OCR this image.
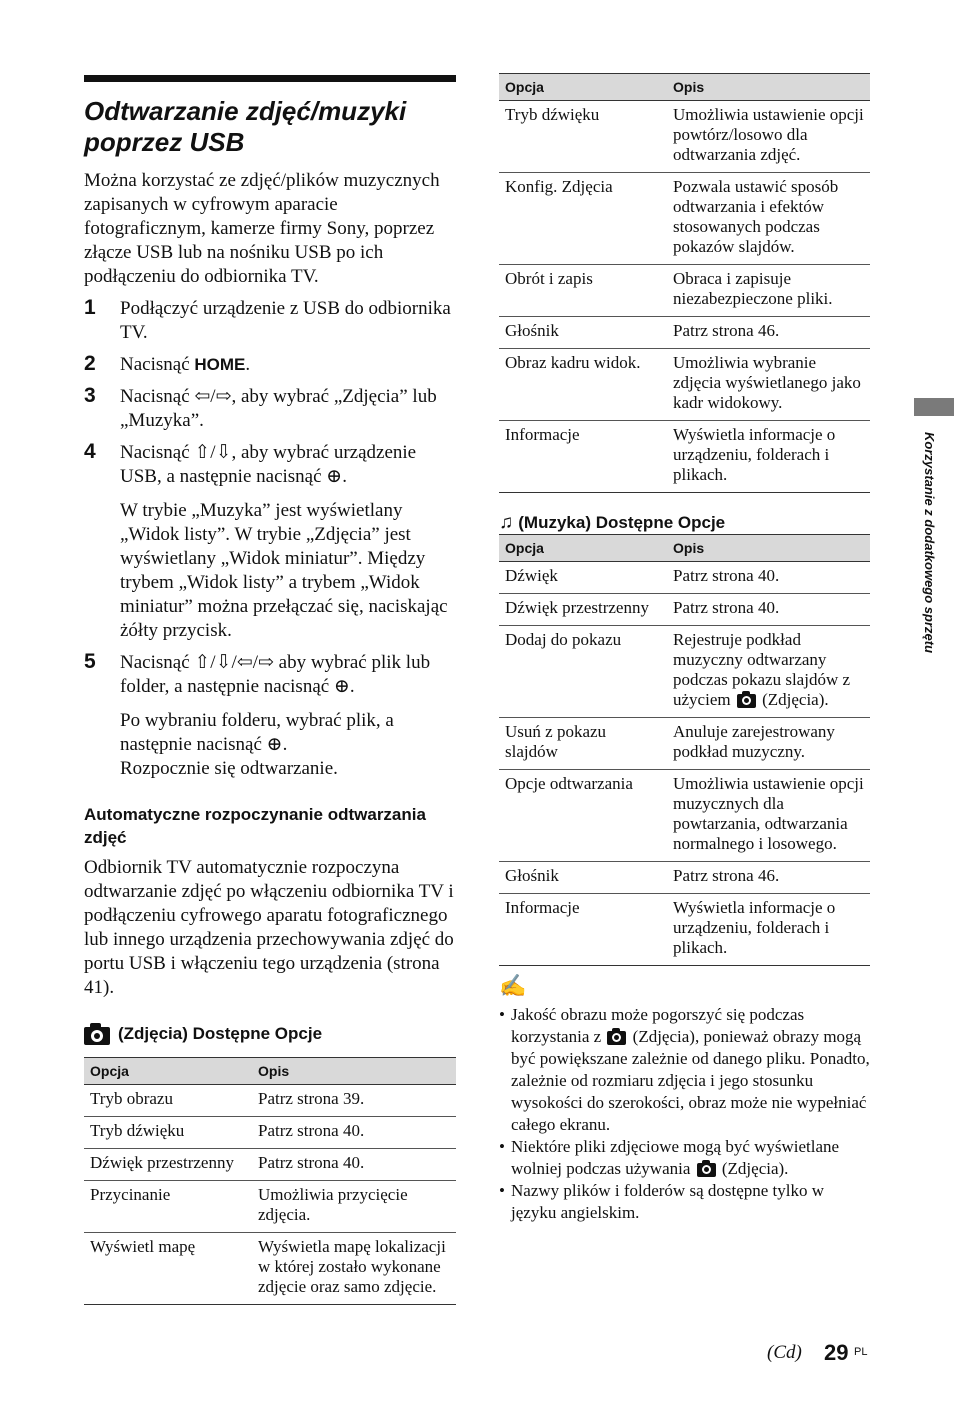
Odtwarzanie zdjęć/muzyki poprzez USB

Można korzystać ze zdjęć/plików muzycznych zapisanych w cyfrowym aparacie fotograficznym, kamerze firmy Sony, poprzez złącze USB lub na nośniku USB po ich podłączeniu do odbiornika TV.

1 Podłączyć urządzenie z USB do odbiornika TV.

2 Nacisnąć HOME.

3 Nacisnąć ⇦/⇨, aby wybrać „Zdjęcia” lub „Muzyka”.

4 Nacisnąć ⇧/⇩, aby wybrać urządzenie USB, a następnie nacisnąć ⊕.

W trybie „Muzyka” jest wyświetlany „Widok listy”. W trybie „Zdjęcia” jest wyświetlany „Widok miniatur”. Między trybem „Widok listy” a trybem „Widok miniatur” można przełączać się, naciskając żółty przycisk.

5 Nacisnąć ⇧/⇩/⇦/⇨ aby wybrać plik lub folder, a następnie nacisnąć ⊕.

Po wybraniu folderu, wybrać plik, a następnie nacisnąć ⊕.

Rozpocznie się odtwarzanie.

Automatyczne rozpoczynanie odtwarzania zdjęć

Odbiornik TV automatycznie rozpoczyna odtwarzanie zdjęć po włączeniu odbiornika TV i podłączeniu cyfrowego aparatu fotograficznego lub innego urządzenia przechowywania zdjęć do portu USB i włączeniu tego urządzenia (strona 41).

(Zdjęcia) Dostępne Opcje
Opcja	Opis
Tryb obrazu	Patrz strona 39.
Tryb dźwięku	Patrz strona 40.
Dźwięk przestrzenny	Patrz strona 40.
Przycinanie	Umożliwia przycięcie zdjęcia.
Wyświetl mapę	Wyświetla mapę lokalizacji w której zostało wykonane zdjęcie oraz samo zdjęcie.
Opcja	Opis
Tryb dźwięku	Umożliwia ustawienie opcji powtórz/losowo dla odtwarzania zdjęć.
Konfig. Zdjęcia	Pozwala ustawić sposób odtwarzania i efektów stosowanych podczas pokazów slajdów.
Obrót i zapis	Obraca i zapisuje niezabezpieczone pliki.
Głośnik	Patrz strona 46.
Obraz kadru widok.	Umożliwia wybranie zdjęcia wyświetlanego jako kadr widokowy.
Informacje	Wyświetla informacje o urządzeniu, folderach i plikach.
♫ (Muzyka) Dostępne Opcje
Opcja	Opis
Dźwięk	Patrz strona 40.
Dźwięk przestrzenny	Patrz strona 40.
Dodaj do pokazu	Rejestruje podkład muzyczny odtwarzany podczas pokazu slajdów z użyciem
(Zdjęcia).
Usuń z pokazu slajdów	Anuluje zarejestrowany podkład muzyczny.
Opcje odtwarzania	Umożliwia ustawienie opcji muzycznych dla powtarzania, odtwarzania normalnego i losowego.
Głośnik	Patrz strona 46.
Informacje	Wyświetla informacje o urządzeniu, folderach i plikach.
✍
• Jakość obrazu może pogorszyć się podczas korzystania z
(Zdjęcia), ponieważ obrazy mogą być powiększane zależnie od danego pliku. Ponadto, zależnie od rozmiaru zdjęcia i jego stosunku wysokości do szerokości, obraz może nie wypełniać całego ekranu.
• Niektóre pliki zdjęciowe mogą być wyświetlane wolniej podczas używania
(Zdjęcia).
• Nazwy plików i folderów są dostępne tylko w języku angielskim.
Korzystanie z dodatkowego sprzętu
(Cd) 29 PL
